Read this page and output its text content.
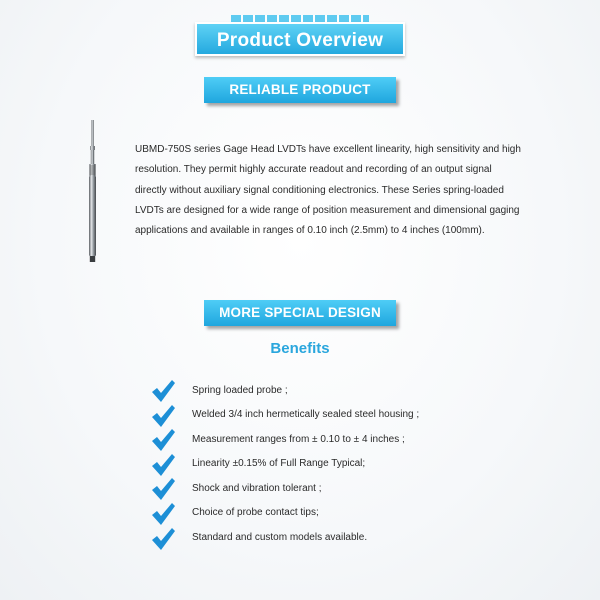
Product Overview
RELIABLE PRODUCT

UBMD-750S series Gage Head LVDTs have excellent linearity, high sensitivity and high resolution. They permit highly accurate readout and recording of an output signal directly without auxiliary signal conditioning electronics. These Series spring-loaded LVDTs are designed for a wide range of position measurement and dimensional gaging applications and available in ranges of 0.10 inch (2.5mm) to 4 inches (100mm).

MORE SPECIAL DESIGN
Benefits
Spring loaded probe ;
Welded 3/4 inch hermetically sealed steel housing ;
Measurement ranges from ± 0.10 to ± 4 inches ;
Linearity ±0.15% of Full Range Typical;
Shock and vibration tolerant ;
Choice of probe contact tips;
Standard and custom models available.
